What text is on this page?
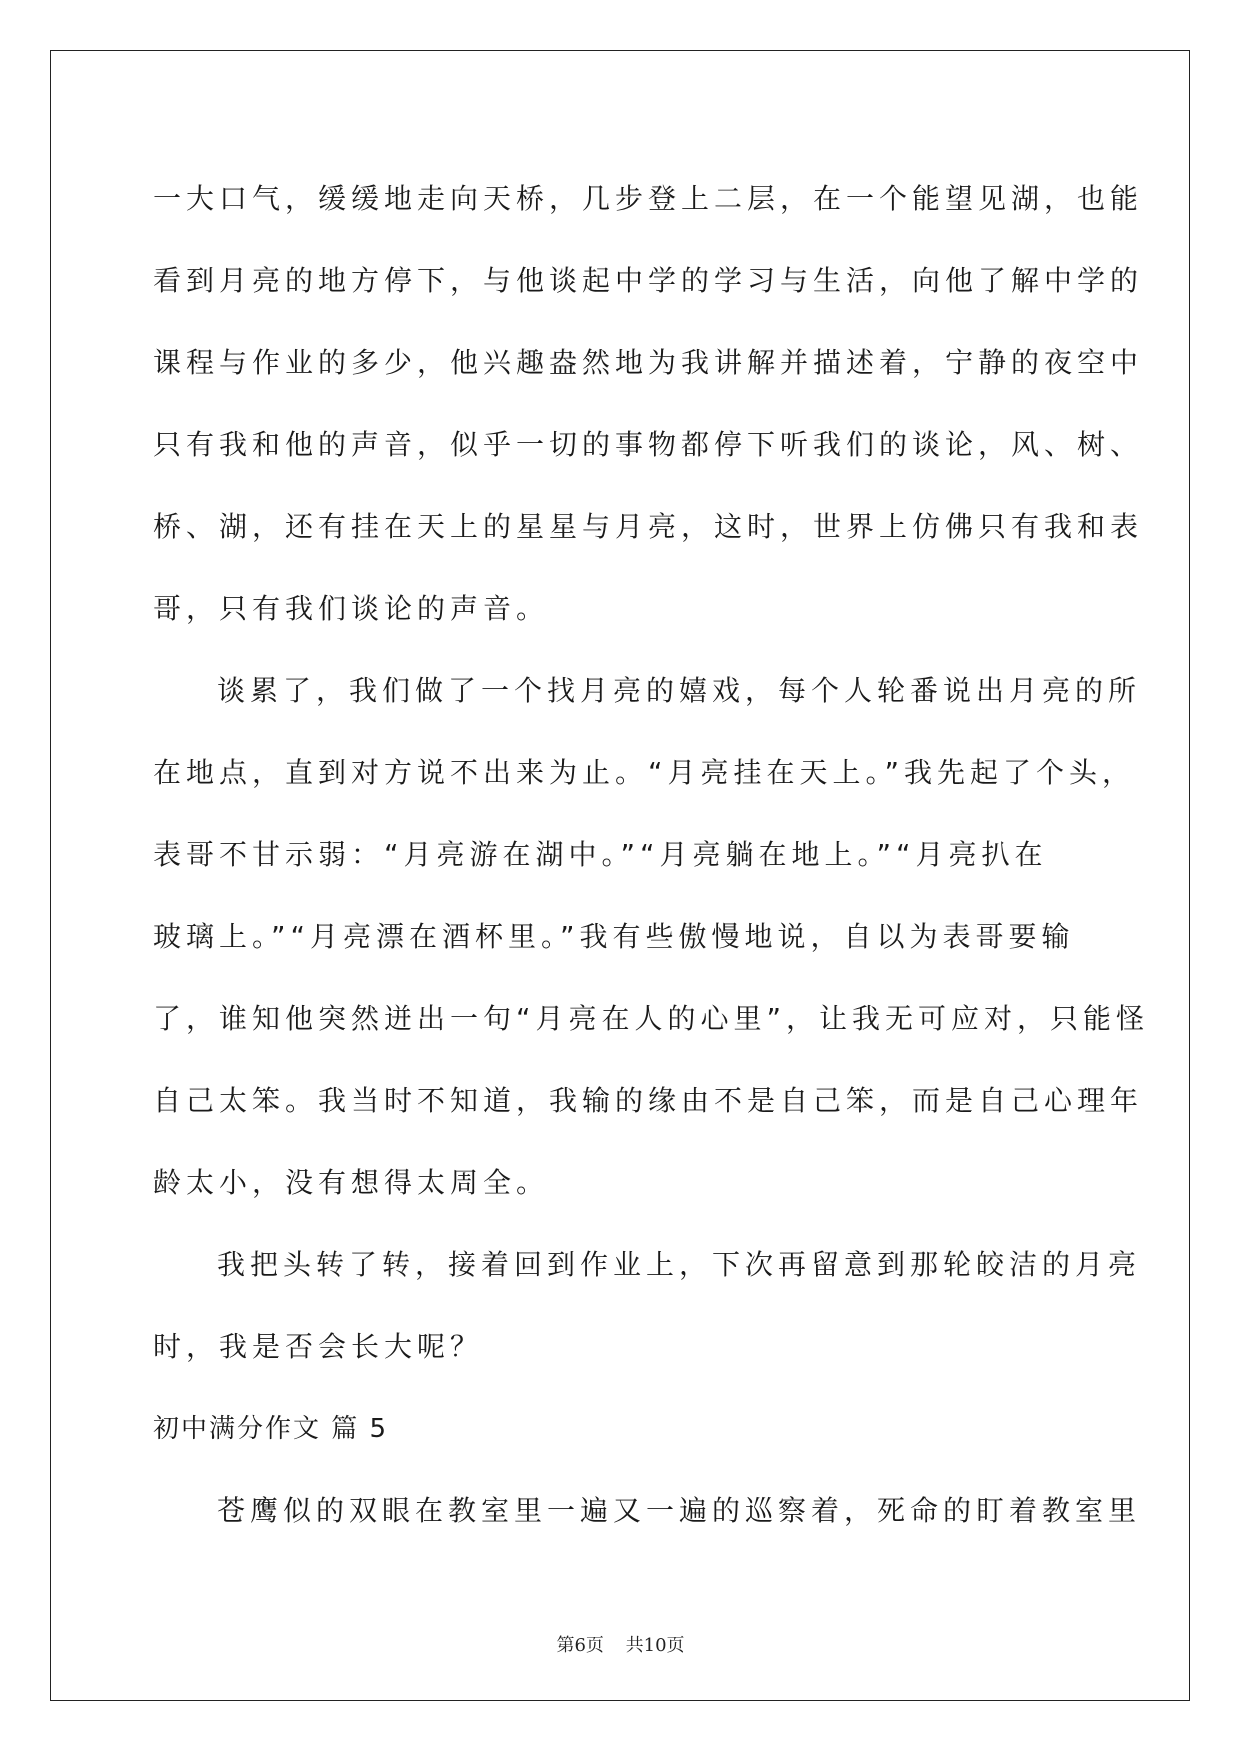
一大口气，缓缓地走向天桥，几步登上二层，在一个能望见湖，也能
看到月亮的地方停下，与他谈起中学的学习与生活，向他了解中学的
课程与作业的多少，他兴趣盎然地为我讲解并描述着，宁静的夜空中
只有我和他的声音，似乎一切的事物都停下听我们的谈论，风、树、
桥、湖，还有挂在天上的星星与月亮，这时，世界上仿佛只有我和表
哥，只有我们谈论的声音。
谈累了，我们做了一个找月亮的嬉戏，每个人轮番说出月亮的所
在地点，直到对方说不出来为止。“月亮挂在天上。”我先起了个头，
表哥不甘示弱：“月亮游在湖中。”“月亮躺在地上。”“月亮扒在
玻璃上。”“月亮漂在酒杯里。”我有些傲慢地说，自以为表哥要输
了，谁知他突然迸出一句“月亮在人的心里”，让我无可应对，只能怪
自己太笨。我当时不知道，我输的缘由不是自己笨，而是自己心理年
龄太小，没有想得太周全。
我把头转了转，接着回到作业上，下次再留意到那轮皎洁的月亮
时，我是否会长大呢？
初中满分作文 篇 5
苍鹰似的双眼在教室里一遍又一遍的巡察着，死命的盯着教室里
第6页 共10页
